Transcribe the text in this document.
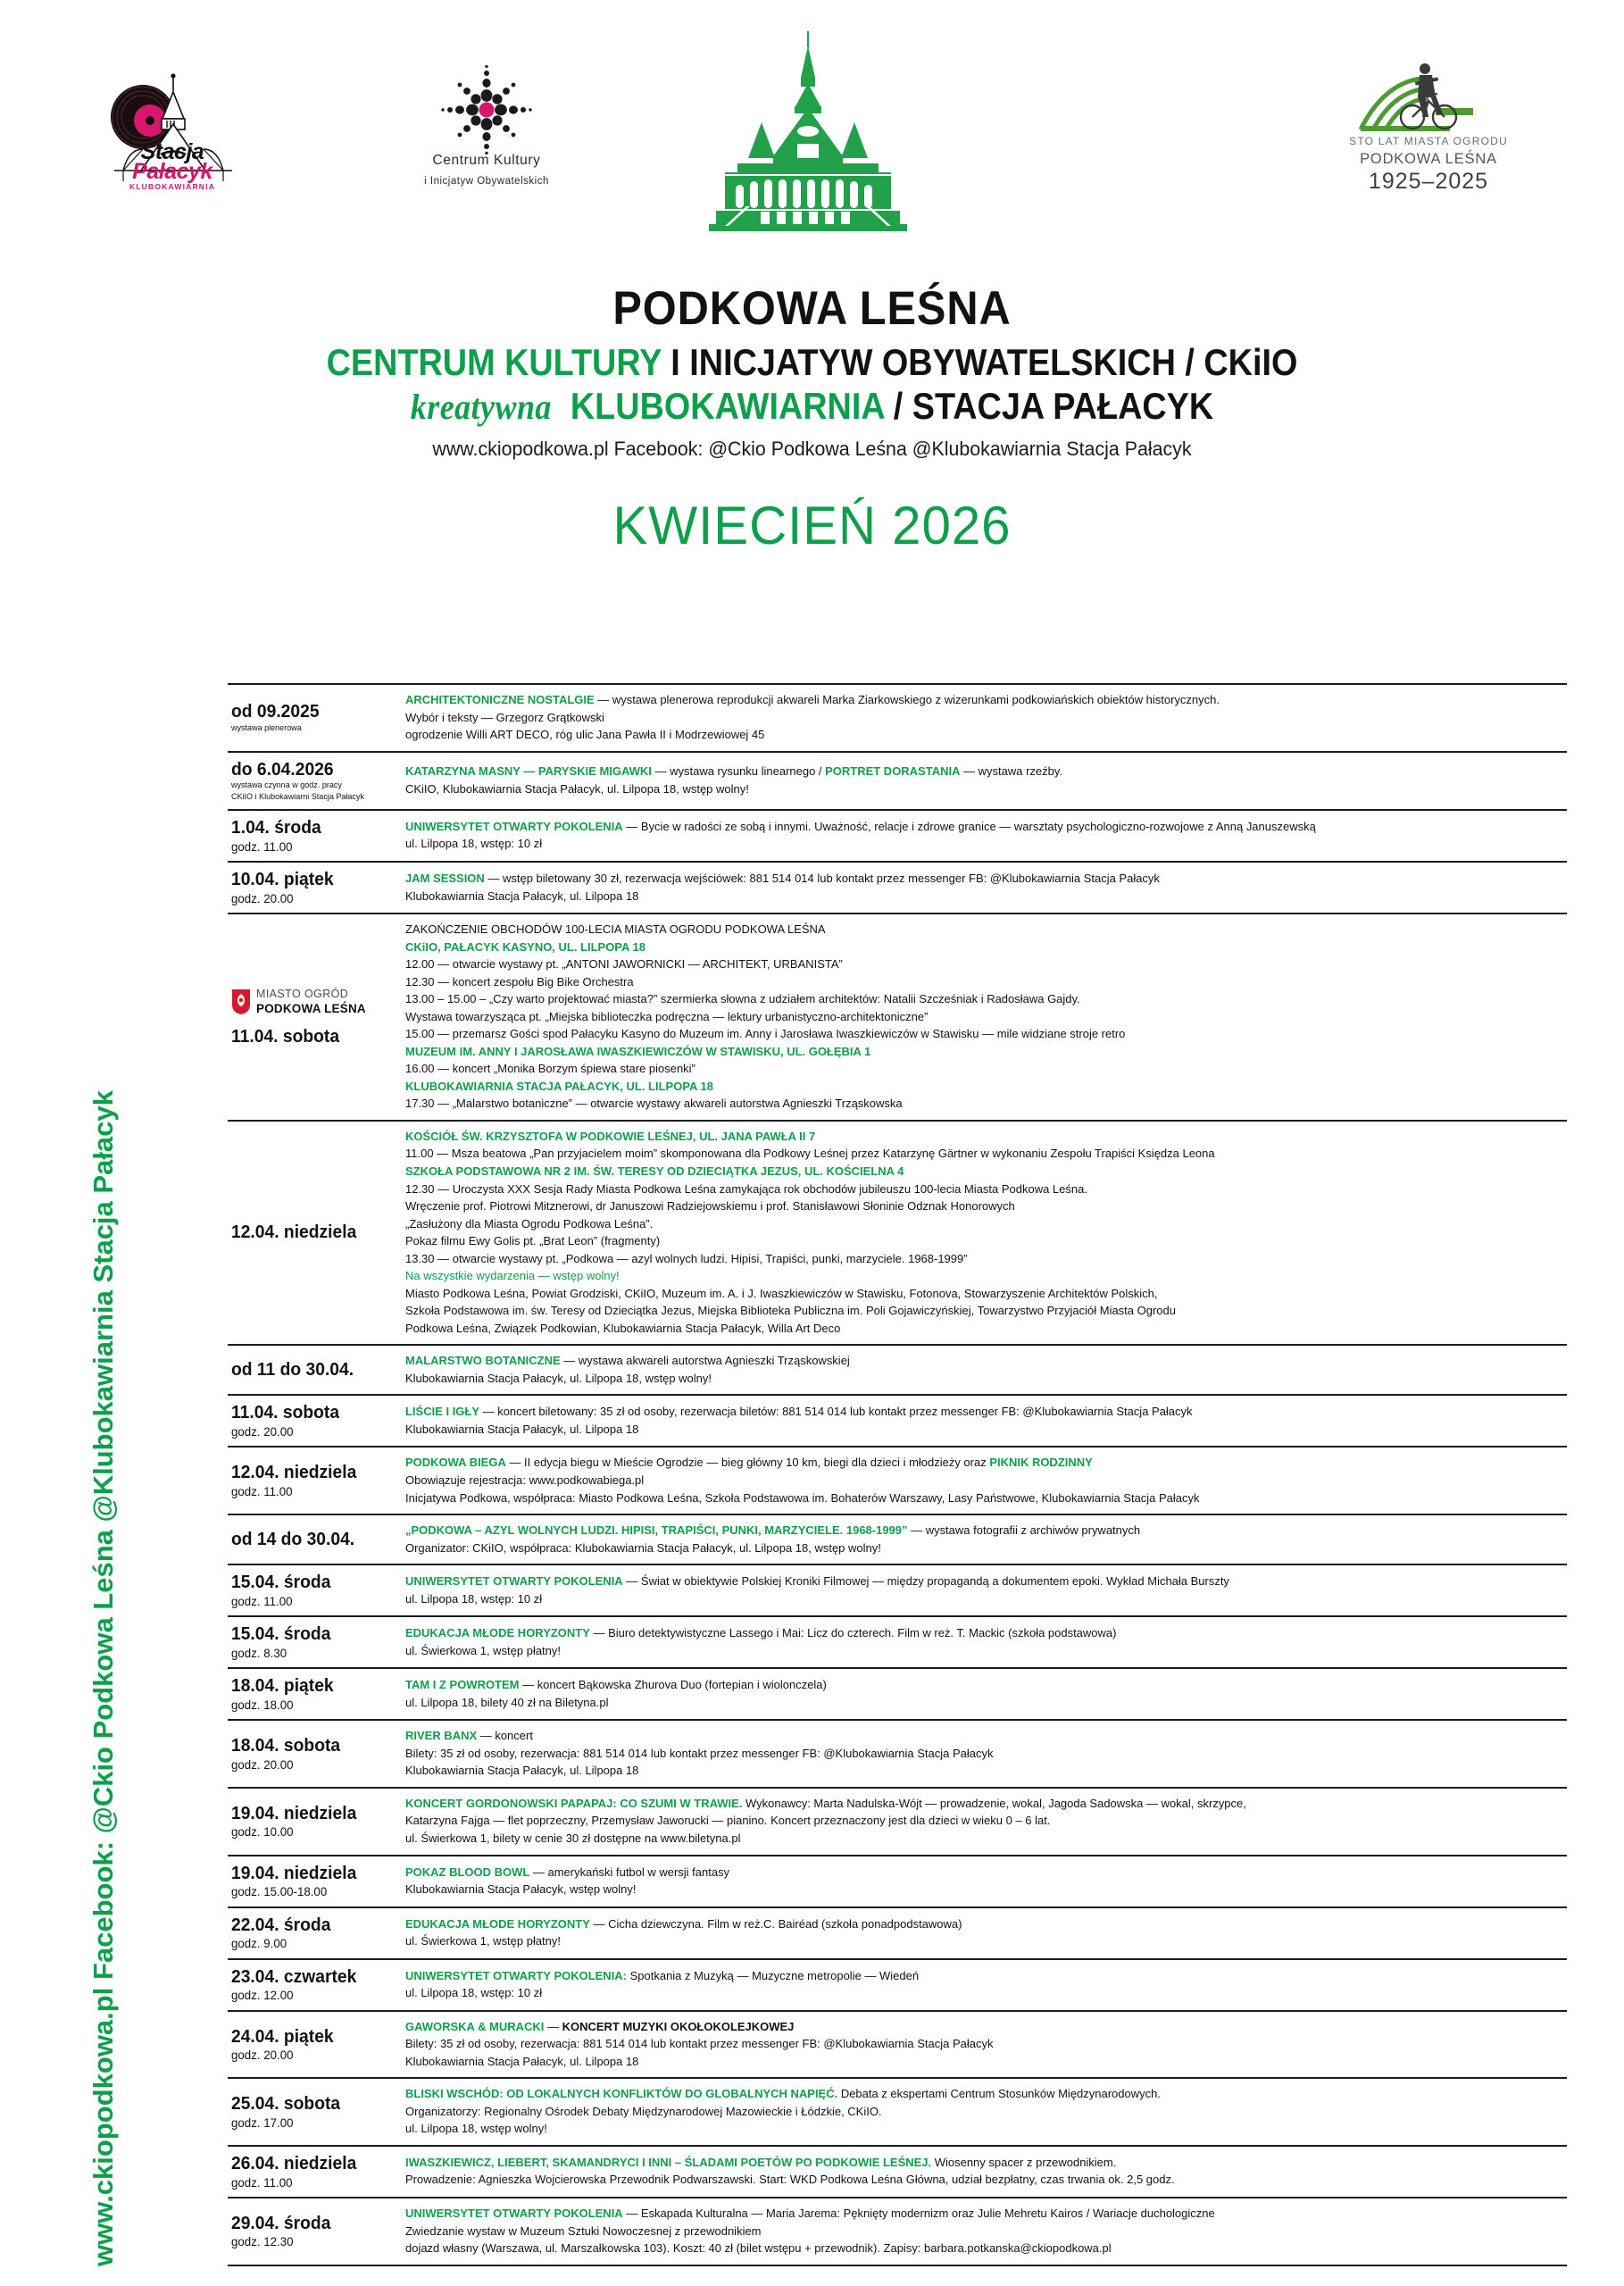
Stacja
Pałacyk
KLUBOKAWIARNIA
Centrum Kultury
i Inicjatyw Obywatelskich
STO LAT MIASTA OGRODU
PODKOWA LEŚNA
1925–2025
PODKOWA LEŚNA
CENTRUM KULTURY I INICJATYW OBYWATELSKICH / CKiIO
kreatywna KLUBOKAWIARNIA / STACJA PAŁACYK
www.ckiopodkowa.pl Facebook: @Ckio Podkowa Leśna @Klubokawiarnia Stacja Pałacyk
KWIECIEŃ 2026
www.ckiopodkowa.pl Facebook: @Ckio Podkowa Leśna @Klubokawiarnia Stacja Pałacyk
od 09.2025
wystawa plenerowa
ARCHITEKTONICZNE NOSTALGIE — wystawa plenerowa reprodukcji akwareli Marka Ziarkowskiego z wizerunkami podkowiańskich obiektów historycznych.
Wybór i teksty — Grzegorz Grątkowski
ogrodzenie Willi ART DECO, róg ulic Jana Pawła II i Modrzewiowej 45
do 6.04.2026
wystawa czynna w godz. pracy
CKiIO i Klubokawiarni Stacja Pałacyk
KATARZYNA MASNY — PARYSKIE MIGAWKI — wystawa rysunku linearnego / PORTRET DORASTANIA — wystawa rzeźby.
CKiIO, Klubokawiarnia Stacja Pałacyk, ul. Lilpopa 18, wstęp wolny!
1.04. środa
godz. 11.00
UNIWERSYTET OTWARTY POKOLENIA — Bycie w radości ze sobą i innymi. Uważność, relacje i zdrowe granice — warsztaty psychologiczno-rozwojowe z Anną Januszewską
ul. Lilpopa 18, wstęp: 10 zł
10.04. piątek
godz. 20.00
JAM SESSION — wstęp biletowany 30 zł, rezerwacja wejściówek: 881 514 014 lub kontakt przez messenger FB: @Klubokawiarnia Stacja Pałacyk
Klubokawiarnia Stacja Pałacyk, ul. Lilpopa 18
MIASTO OGRÓD
PODKOWA LEŚNA
11.04. sobota
ZAKOŃCZENIE OBCHODÓW 100-LECIA MIASTA OGRODU PODKOWA LEŚNA
CKiIO, PAŁACYK KASYNO, UL. LILPOPA 18
12.00 — otwarcie wystawy pt. „ANTONI JAWORNICKI — ARCHITEKT, URBANISTA”
12.30 — koncert zespołu Big Bike Orchestra
13.00 – 15.00 – „Czy warto projektować miasta?” szermierka słowna z udziałem architektów: Natalii Szcześniak i Radosława Gajdy.
Wystawa towarzysząca pt. „Miejska biblioteczka podręczna — lektury urbanistyczno-architektoniczne”
15.00 — przemarsz Gości spod Pałacyku Kasyno do Muzeum im. Anny i Jarosława Iwaszkiewiczów w Stawisku — mile widziane stroje retro
MUZEUM IM. ANNY I JAROSŁAWA IWASZKIEWICZÓW W STAWISKU, UL. GOŁĘBIA 1
16.00 — koncert „Monika Borzym śpiewa stare piosenki”
KLUBOKAWIARNIA STACJA PAŁACYK, UL. LILPOPA 18
17.30 — „Malarstwo botaniczne” — otwarcie wystawy akwareli autorstwa Agnieszki Trząskowska
12.04. niedziela
KOŚCIÓŁ ŚW. KRZYSZTOFA W PODKOWIE LEŚNEJ, UL. JANA PAWŁA II 7
11.00 — Msza beatowa „Pan przyjacielem moim” skomponowana dla Podkowy Leśnej przez Katarzynę Gärtner w wykonaniu Zespołu Trapiści Księdza Leona
SZKOŁA PODSTAWOWA NR 2 IM. ŚW. TERESY OD DZIECIĄTKA JEZUS, UL. KOŚCIELNA 4
12.30 — Uroczysta XXX Sesja Rady Miasta Podkowa Leśna zamykająca rok obchodów jubileuszu 100-lecia Miasta Podkowa Leśna.
Wręczenie prof. Piotrowi Mitznerowi, dr Januszowi Radziejowskiemu i prof. Stanisławowi Słoninie Odznak Honorowych
„Zasłużony dla Miasta Ogrodu Podkowa Leśna”.
Pokaz filmu Ewy Golis pt. „Brat Leon” (fragmenty)
13.30 — otwarcie wystawy pt. „Podkowa — azyl wolnych ludzi. Hipisi, Trapiści, punki, marzyciele. 1968-1999”
Na wszystkie wydarzenia — wstęp wolny!
Miasto Podkowa Leśna, Powiat Grodziski, CKiIO, Muzeum im. A. i J. Iwaszkiewiczów w Stawisku, Fotonova, Stowarzyszenie Architektów Polskich,
Szkoła Podstawowa im. św. Teresy od Dzieciątka Jezus, Miejska Biblioteka Publiczna im. Poli Gojawiczyńskiej, Towarzystwo Przyjaciół Miasta Ogrodu
Podkowa Leśna, Związek Podkowian, Klubokawiarnia Stacja Pałacyk, Willa Art Deco
od 11 do 30.04.	MALARSTWO BOTANICZNE — wystawa akwareli autorstwa Agnieszki Trząskowskiej
Klubokawiarnia Stacja Pałacyk, ul. Lilpopa 18, wstęp wolny!
11.04. sobota
godz. 20.00
LIŚCIE I IGŁY — koncert biletowany: 35 zł od osoby, rezerwacja biletów: 881 514 014 lub kontakt przez messenger FB: @Klubokawiarnia Stacja Pałacyk
Klubokawiarnia Stacja Pałacyk, ul. Lilpopa 18
12.04. niedziela
godz. 11.00
PODKOWA BIEGA — II edycja biegu w Mieście Ogrodzie — bieg główny 10 km, biegi dla dzieci i młodzieży oraz PIKNIK RODZINNY
Obowiązuje rejestracja: www.podkowabiega.pl
Inicjatywa Podkowa, współpraca: Miasto Podkowa Leśna, Szkoła Podstawowa im. Bohaterów Warszawy, Lasy Państwowe, Klubokawiarnia Stacja Pałacyk
od 14 do 30.04.	„PODKOWA – AZYL WOLNYCH LUDZI. HIPISI, TRAPIŚCI, PUNKI, MARZYCIELE. 1968-1999” — wystawa fotografii z archiwów prywatnych
Organizator: CKiIO, współpraca: Klubokawiarnia Stacja Pałacyk, ul. Lilpopa 18, wstęp wolny!
15.04. środa
godz. 11.00
UNIWERSYTET OTWARTY POKOLENIA — Świat w obiektywie Polskiej Kroniki Filmowej — między propagandą a dokumentem epoki. Wykład Michała Burszty
ul. Lilpopa 18, wstęp: 10 zł
15.04. środa
godz. 8.30
EDUKACJA MŁODE HORYZONTY — Biuro detektywistyczne Lassego i Mai: Licz do czterech. Film w reż. T. Mackic (szkoła podstawowa)
ul. Świerkowa 1, wstęp płatny!
18.04. piątek
godz. 18.00
TAM I Z POWROTEM — koncert Bąkowska Zhurova Duo (fortepian i wiolonczela)
ul. Lilpopa 18, bilety 40 zł na Biletyna.pl
18.04. sobota
godz. 20.00
RIVER BANX — koncert
Bilety: 35 zł od osoby, rezerwacja: 881 514 014 lub kontakt przez messenger FB: @Klubokawiarnia Stacja Pałacyk
Klubokawiarnia Stacja Pałacyk, ul. Lilpopa 18
19.04. niedziela
godz. 10.00
KONCERT GORDONOWSKI PAPAPAJ: CO SZUMI W TRAWIE. Wykonawcy: Marta Nadulska-Wójt — prowadzenie, wokal, Jagoda Sadowska — wokal, skrzypce,
Katarzyna Fajga — flet poprzeczny, Przemysław Jaworucki — pianino. Koncert przeznaczony jest dla dzieci w wieku 0 – 6 lat.
ul. Świerkowa 1, bilety w cenie 30 zł dostępne na www.biletyna.pl
19.04. niedziela
godz. 15.00-18.00
POKAZ BLOOD BOWL — amerykański futbol w wersji fantasy
Klubokawiarnia Stacja Pałacyk, wstęp wolny!
22.04. środa
godz. 9.00
EDUKACJA MŁODE HORYZONTY — Cicha dziewczyna. Film w reż.C. Bairéad (szkoła ponadpodstawowa)
ul. Świerkowa 1, wstęp płatny!
23.04. czwartek
godz. 12.00
UNIWERSYTET OTWARTY POKOLENIA: Spotkania z Muzyką — Muzyczne metropolie — Wiedeń
ul. Lilpopa 18, wstęp: 10 zł
24.04. piątek
godz. 20.00
GAWORSKA & MURACKI — KONCERT MUZYKI OKOŁOKOLEJKOWEJ
Bilety: 35 zł od osoby, rezerwacja: 881 514 014 lub kontakt przez messenger FB: @Klubokawiarnia Stacja Pałacyk
Klubokawiarnia Stacja Pałacyk, ul. Lilpopa 18
25.04. sobota
godz. 17.00
BLISKI WSCHÓD: OD LOKALNYCH KONFLIKTÓW DO GLOBALNYCH NAPIĘĆ. Debata z ekspertami Centrum Stosunków Międzynarodowych.
Organizatorzy: Regionalny Ośrodek Debaty Międzynarodowej Mazowieckie i Łódzkie, CKiIO.
ul. Lilpopa 18, wstęp wolny!
26.04. niedziela
godz. 11.00
IWASZKIEWICZ, LIEBERT, SKAMANDRYCI I INNI – ŚLADAMI POETÓW PO PODKOWIE LEŚNEJ. Wiosenny spacer z przewodnikiem.
Prowadzenie: Agnieszka Wojcierowska Przewodnik Podwarszawski. Start: WKD Podkowa Leśna Główna, udział bezpłatny, czas trwania ok. 2,5 godz.
29.04. środa
godz. 12.30
UNIWERSYTET OTWARTY POKOLENIA — Eskapada Kulturalna — Maria Jarema: Pęknięty modernizm oraz Julie Mehretu Kairos / Wariacje duchologiczne
Zwiedzanie wystaw w Muzeum Sztuki Nowoczesnej z przewodnikiem
dojazd własny (Warszawa, ul. Marszałkowska 103). Koszt: 40 zł (bilet wstępu + przewodnik). Zapisy: barbara.potkanska@ckiopodkowa.pl
